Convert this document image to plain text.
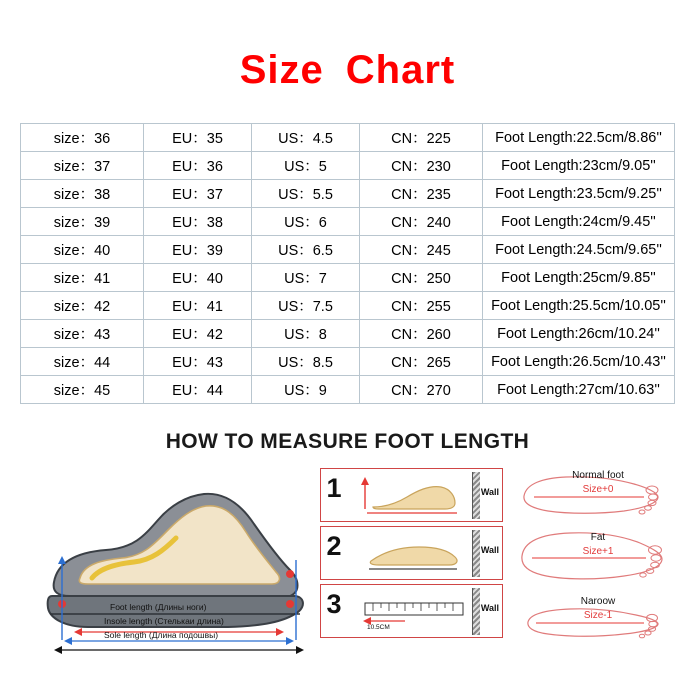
Size Chart
size：36	EU：35	US：4.5	CN：225	Foot Length:22.5cm/8.86''
size：37	EU：36	US：5	CN：230	Foot Length:23cm/9.05''
size：38	EU：37	US：5.5	CN：235	Foot Length:23.5cm/9.25''
size：39	EU：38	US：6	CN：240	Foot Length:24cm/9.45''
size：40	EU：39	US：6.5	CN：245	Foot Length:24.5cm/9.65''
size：41	EU：40	US：7	CN：250	Foot Length:25cm/9.85''
size：42	EU：41	US：7.5	CN：255	Foot Length:25.5cm/10.05''
size：43	EU：42	US：8	CN：260	Foot Length:26cm/10.24''
size：44	EU：43	US：8.5	CN：265	Foot Length:26.5cm/10.43''
size：45	EU：44	US：9	CN：270	Foot Length:27cm/10.63''
HOW TO MEASURE FOOT LENGTH
Foot length (Длины ноги)
Insole length (Стелькаи длина)
Sole length (Длина подошвы)
1	Wall
2	Wall
3
10.5CM
Wall
Normal foot
Size+0
Fat
Size+1
Naroow
Size-1
